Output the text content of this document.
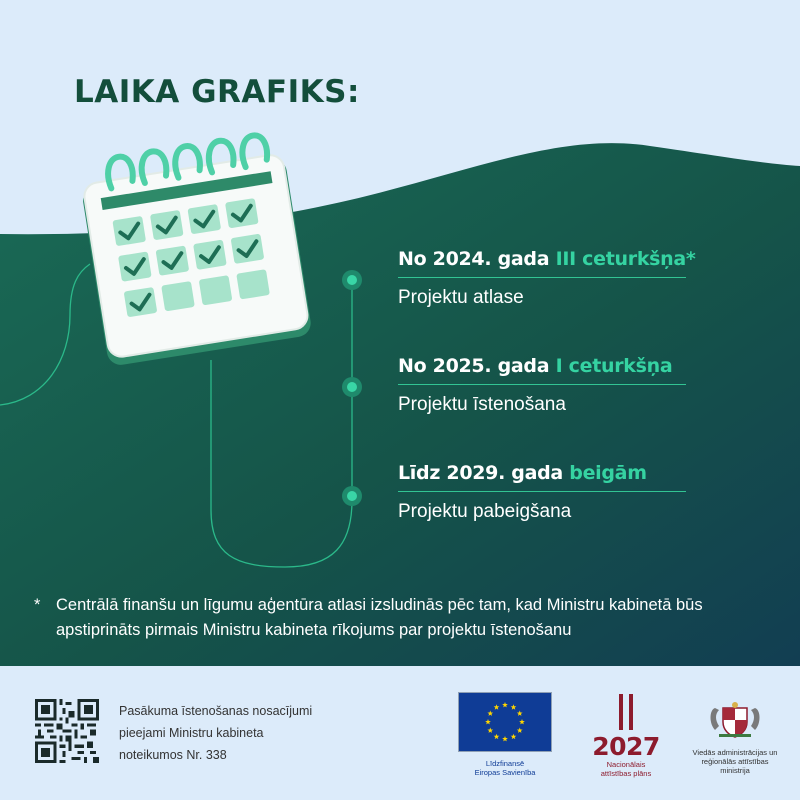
LAIKA GRAFIKS:
No 2024. gada III ceturkšņa*
Projektu atlase
No 2025. gada I ceturkšņa
Projektu īstenošana
Līdz 2029. gada beigām
Projektu pabeigšana
* Centrālā finanšu un līgumu aģentūra atlasi izsludinās pēc tam, kad Ministru kabinetā būs apstiprināts pirmais Ministru kabineta rīkojums par projektu īstenošanu
Pasākuma īstenošanas nosacījumi
pieejami Ministru kabineta
noteikumos Nr. 338
Līdzfinansē
Eiropas Savienība
2027
Nacionālais
attīstības plāns
Viedās administrācijas un
reģionālās attīstības
ministrija
